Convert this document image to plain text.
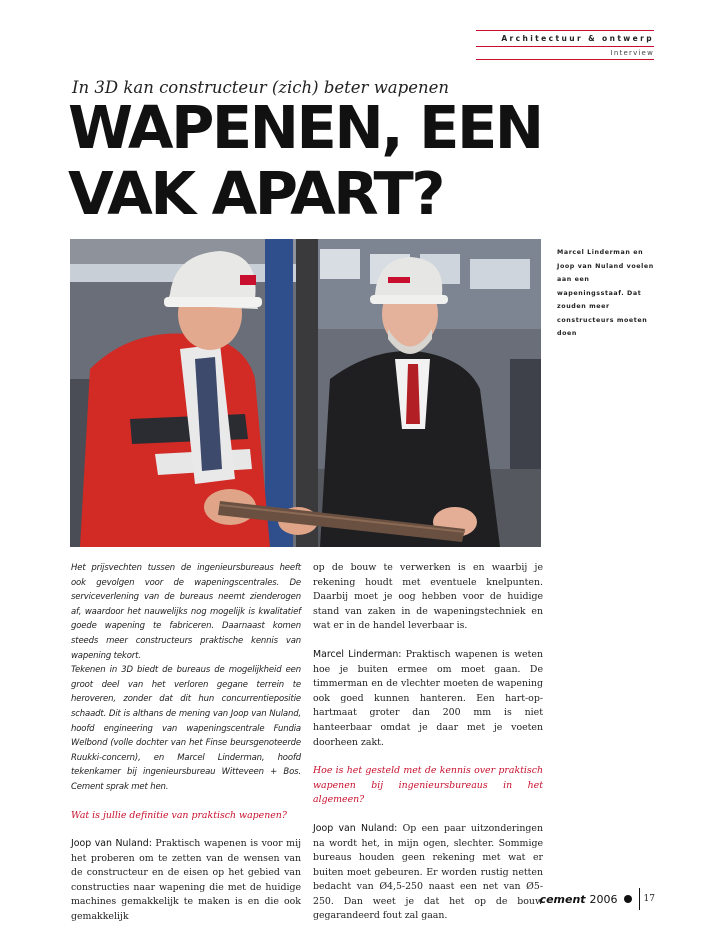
Architectuur & ontwerp
Interview
In 3D kan constructeur (zich) beter wapenen
WAPENEN, EEN
VAK APART?
Marcel Linderman en Joop van Nuland voelen aan een wapeningsstaaf. Dat zouden meer constructeurs moeten doen

Het prijsvechten tussen de ingenieursbureaus heeft ook gevolgen voor de wapeningscentrales. De serviceverlening van de bureaus neemt zienderogen af, waardoor het nauwelijks nog mogelijk is kwalitatief goede wapening te fabriceren. Daarnaast komen steeds meer constructeurs praktische kennis van wapening tekort.

Tekenen in 3D biedt de bureaus de mogelijkheid een groot deel van het verloren gegane terrein te heroveren, zonder dat dit hun concurrentiepositie schaadt. Dit is althans de mening van Joop van Nuland, hoofd engineering van wapeningscentrale Fundia Welbond (volle dochter van het Finse beursgenoteerde Ruukki-concern), en Marcel Linderman, hoofd tekenkamer bij ingenieursbureau Witteveen + Bos. Cement sprak met hen.

Wat is jullie definitie van praktisch wapenen?

Joop van Nuland: Praktisch wapenen is voor mij het proberen om te zetten van de wensen van de constructeur en de eisen op het gebied van constructies naar wapening die met de huidige machines gemakkelijk te maken is en die ook gemakkelijk

op de bouw te verwerken is en waarbij je rekening houdt met eventuele knelpunten. Daarbij moet je oog hebben voor de huidige stand van zaken in de wapeningstechniek en wat er in de handel leverbaar is.

Marcel Linderman: Praktisch wapenen is weten hoe je buiten ermee om moet gaan. De timmerman en de vlechter moeten de wapening ook goed kunnen hanteren. Een hart-op-hartmaat groter dan 200 mm is niet hanteerbaar omdat je daar met je voeten doorheen zakt.

Hoe is het gesteld met de kennis over praktisch wapenen bij ingenieursbureaus in het algemeen?

Joop van Nuland: Op een paar uitzonderingen na wordt het, in mijn ogen, slechter. Sommige bureaus houden geen rekening met wat er buiten moet gebeuren. Er worden rustig netten bedacht van Ø4,5-250 naast een net van Ø5-250. Dan weet je dat het op de bouw gegarandeerd fout zal gaan.

cement 2006	17
